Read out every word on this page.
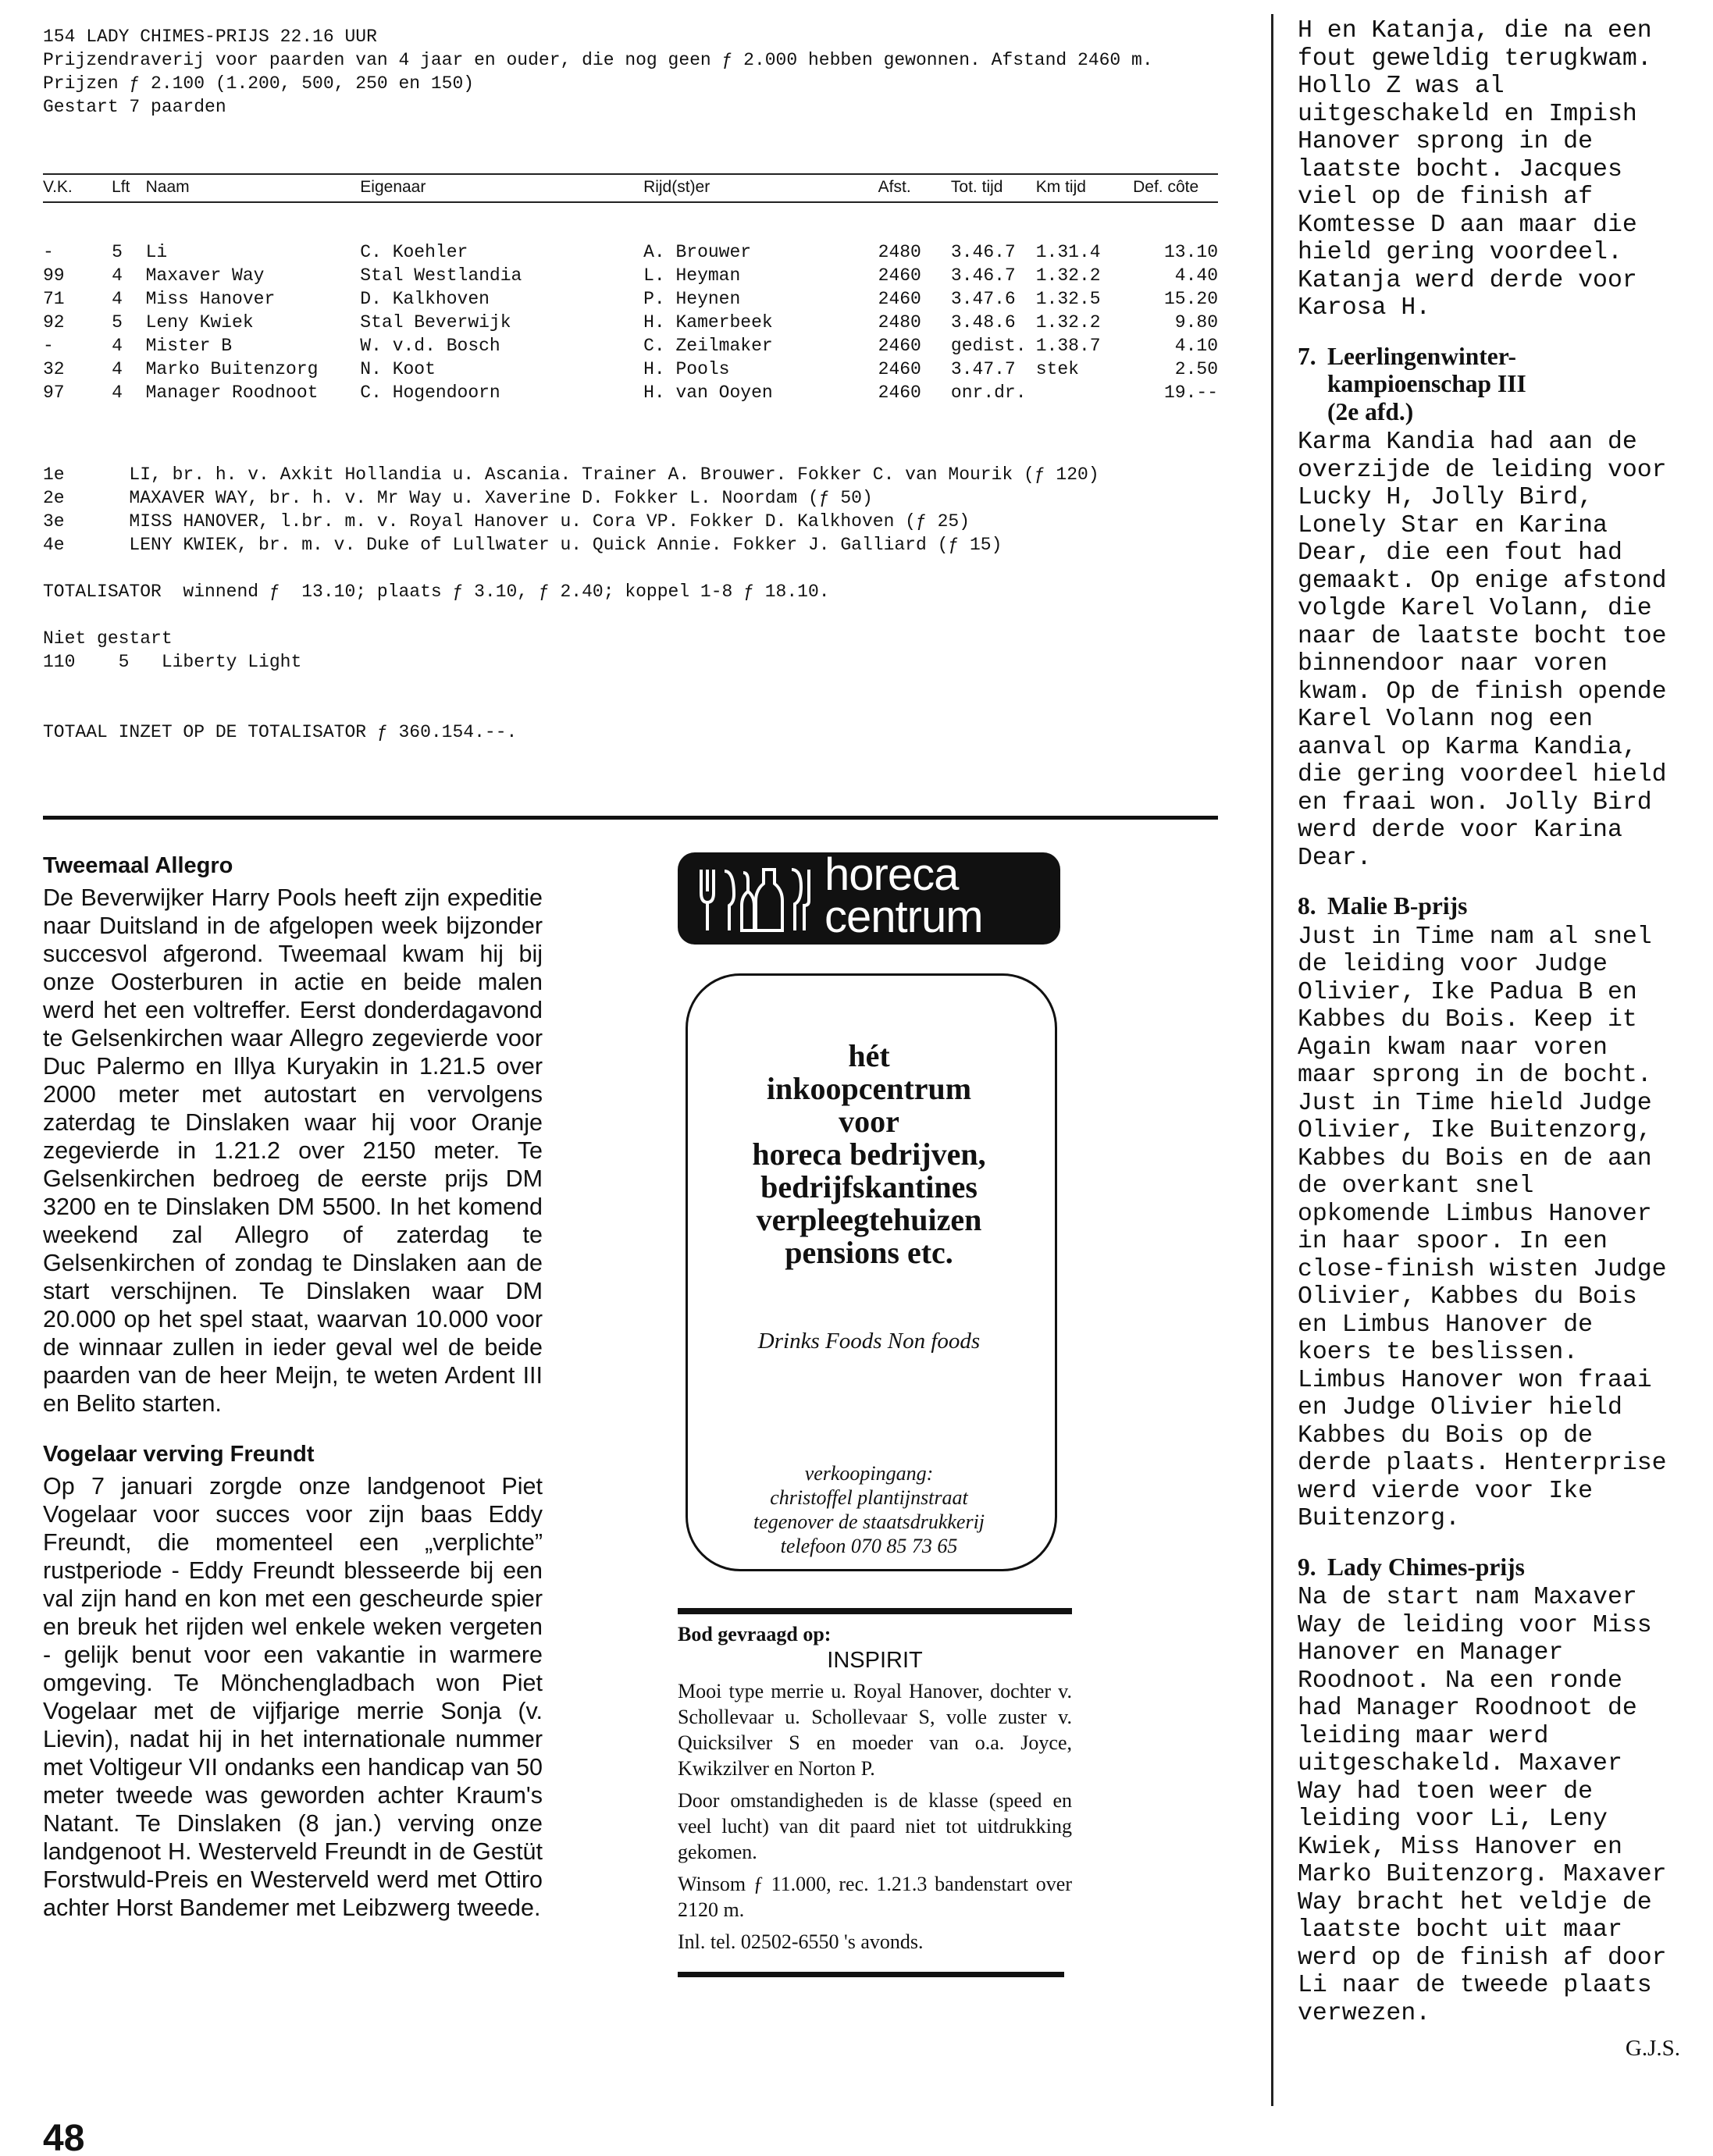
154 LADY CHIMES-PRIJS 22.16 UUR
Prijzendraverij voor paarden van 4 jaar en ouder, die nog geen ƒ 2.000 hebben gewonnen. Afstand 2460 m.
Prijzen ƒ 2.100 (1.200, 500, 250 en 150)
Gestart 7 paarden
V.K.	Lft	Naam	Eigenaar	Rijd(st)er	Afst.	Tot. tijd	Km tijd	Def. côte
-	5	Li	C. Koehler	A. Brouwer	2480	3.46.7	1.31.4	13.10
99	4	Maxaver Way	Stal Westlandia	L. Heyman	2460	3.46.7	1.32.2	4.40
71	4	Miss Hanover	D. Kalkhoven	P. Heynen	2460	3.47.6	1.32.5	15.20
92	5	Leny Kwiek	Stal Beverwijk	H. Kamerbeek	2480	3.48.6	1.32.2	9.80
-	4	Mister B	W. v.d. Bosch	C. Zeilmaker	2460	gedist.	1.38.7	4.10
32	4	Marko Buitenzorg	N. Koot	H. Pools	2460	3.47.7	stek	2.50
97	4	Manager Roodnoot	C. Hogendoorn	H. van Ooyen	2460	onr.dr.		19.--
1e      LI, br. h. v. Axkit Hollandia u. Ascania. Trainer A. Brouwer. Fokker C. van Mourik (ƒ 120)
2e      MAXAVER WAY, br. h. v. Mr Way u. Xaverine D. Fokker L. Noordam (ƒ 50)
3e      MISS HANOVER, l.br. m. v. Royal Hanover u. Cora VP. Fokker D. Kalkhoven (ƒ 25)
4e      LENY KWIEK, br. m. v. Duke of Lullwater u. Quick Annie. Fokker J. Galliard (ƒ 15)
TOTALISATOR  winnend ƒ  13.10; plaats ƒ 3.10, ƒ 2.40; koppel 1-8 ƒ 18.10.
Niet gestart
110    5   Liberty Light
TOTAAL INZET OP DE TOTALISATOR ƒ 360.154.--.
Tweemaal Allegro

De Beverwijker Harry Pools heeft zijn expeditie naar Duitsland in de afgelopen week bijzonder succesvol afgerond. Tweemaal kwam hij bij onze Oosterburen in actie en beide malen werd het een voltreffer. Eerst donderdagavond te Gelsenkirchen waar Allegro zegevierde voor Duc Palermo en Illya Kuryakin in 1.21.5 over 2000 meter met autostart en vervolgens zaterdag te Dinslaken waar hij voor Oranje zegevierde in 1.21.2 over 2150 meter. Te Gelsenkirchen bedroeg de eerste prijs DM 3200 en te Dinslaken DM 5500. In het komend weekend zal Allegro of zaterdag te Gelsenkirchen of zondag te Dinslaken aan de start verschijnen. Te Dinslaken waar DM 20.000 op het spel staat, waarvan 10.000 voor de winnaar zullen in ieder geval wel de beide paarden van de heer Meijn, te weten Ardent III en Belito starten.

Vogelaar verving Freundt

Op 7 januari zorgde onze landgenoot Piet Vogelaar voor succes voor zijn baas Eddy Freundt, die momenteel een „verplichte” rustperiode - Eddy Freundt blesseerde bij een val zijn hand en kon met een gescheurde spier en breuk het rijden wel enkele weken vergeten - gelijk benut voor een vakantie in warmere omgeving. Te Mönchengladbach won Piet Vogelaar met de vijfjarige merrie Sonja (v. Lievin), nadat hij in het internationale nummer met Voltigeur VII ondanks een handicap van 50 meter tweede was geworden achter Kraum's Natant. Te Dinslaken (8 jan.) verving onze landgenoot H. Westerveld Freundt in de Gestüt Forstwuld-Preis en Westerveld werd met Ottiro achter Horst Bandemer met Leibzwerg tweede.

horeca
centrum
hét
inkoopcentrum
voor
horeca bedrijven,
bedrijfskantines
verpleegtehuizen
pensions etc.
Drinks Foods Non foods
verkoopingang:
christoffel plantijnstraat
tegenover de staatsdrukkerij
telefoon 070 85 73 65
Bod gevraagd op:
INSPIRIT

Mooi type merrie u. Royal Hanover, dochter v. Schollevaar u. Schollevaar S, volle zuster v. Quicksilver S en moeder van o.a. Joyce, Kwikzilver en Norton P.

Door omstandigheden is de klasse (speed en veel lucht) van dit paard niet tot uitdrukking gekomen.

Winsom ƒ 11.000, rec. 1.21.3 bandenstart over 2120 m.

Inl. tel. 02502-6550 's avonds.

H en Katanja, die na een fout geweldig terugkwam. Hollo Z was al uitgeschakeld en Impish Hanover sprong in de laatste bocht. Jacques viel op de finish af Komtesse D aan maar die hield gering voordeel. Katanja werd derde voor Karosa H.

7. Leerlingenwinter-
kampioenschap III
(2e afd.)

Karma Kandia had aan de overzijde de leiding voor Lucky H, Jolly Bird, Lonely Star en Karina Dear, die een fout had gemaakt. Op enige afstond volgde Karel Volann, die naar de laatste bocht toe binnendoor naar voren kwam. Op de finish opende Karel Volann nog een aanval op Karma Kandia, die gering voordeel hield en fraai won. Jolly Bird werd derde voor Karina Dear.

8. Malie B-prijs

Just in Time nam al snel de leiding voor Judge Olivier, Ike Padua B en Kabbes du Bois. Keep it Again kwam naar voren maar sprong in de bocht. Just in Time hield Judge Olivier, Ike Buitenzorg, Kabbes du Bois en de aan de overkant snel opkomende Limbus Hanover in haar spoor. In een close-finish wisten Judge Olivier, Kabbes du Bois en Limbus Hanover de koers te beslissen. Limbus Hanover won fraai en Judge Olivier hield Kabbes du Bois op de derde plaats. Henterprise werd vierde voor Ike Buitenzorg.

9. Lady Chimes-prijs

Na de start nam Maxaver Way de leiding voor Miss Hanover en Manager Roodnoot. Na een ronde had Manager Roodnoot de leiding maar werd uitgeschakeld. Maxaver Way had toen weer de leiding voor Li, Leny Kwiek, Miss Hanover en Marko Buitenzorg. Maxaver Way bracht het veldje de laatste bocht uit maar werd op de finish af door Li naar de tweede plaats verwezen.

G.J.S.
48
